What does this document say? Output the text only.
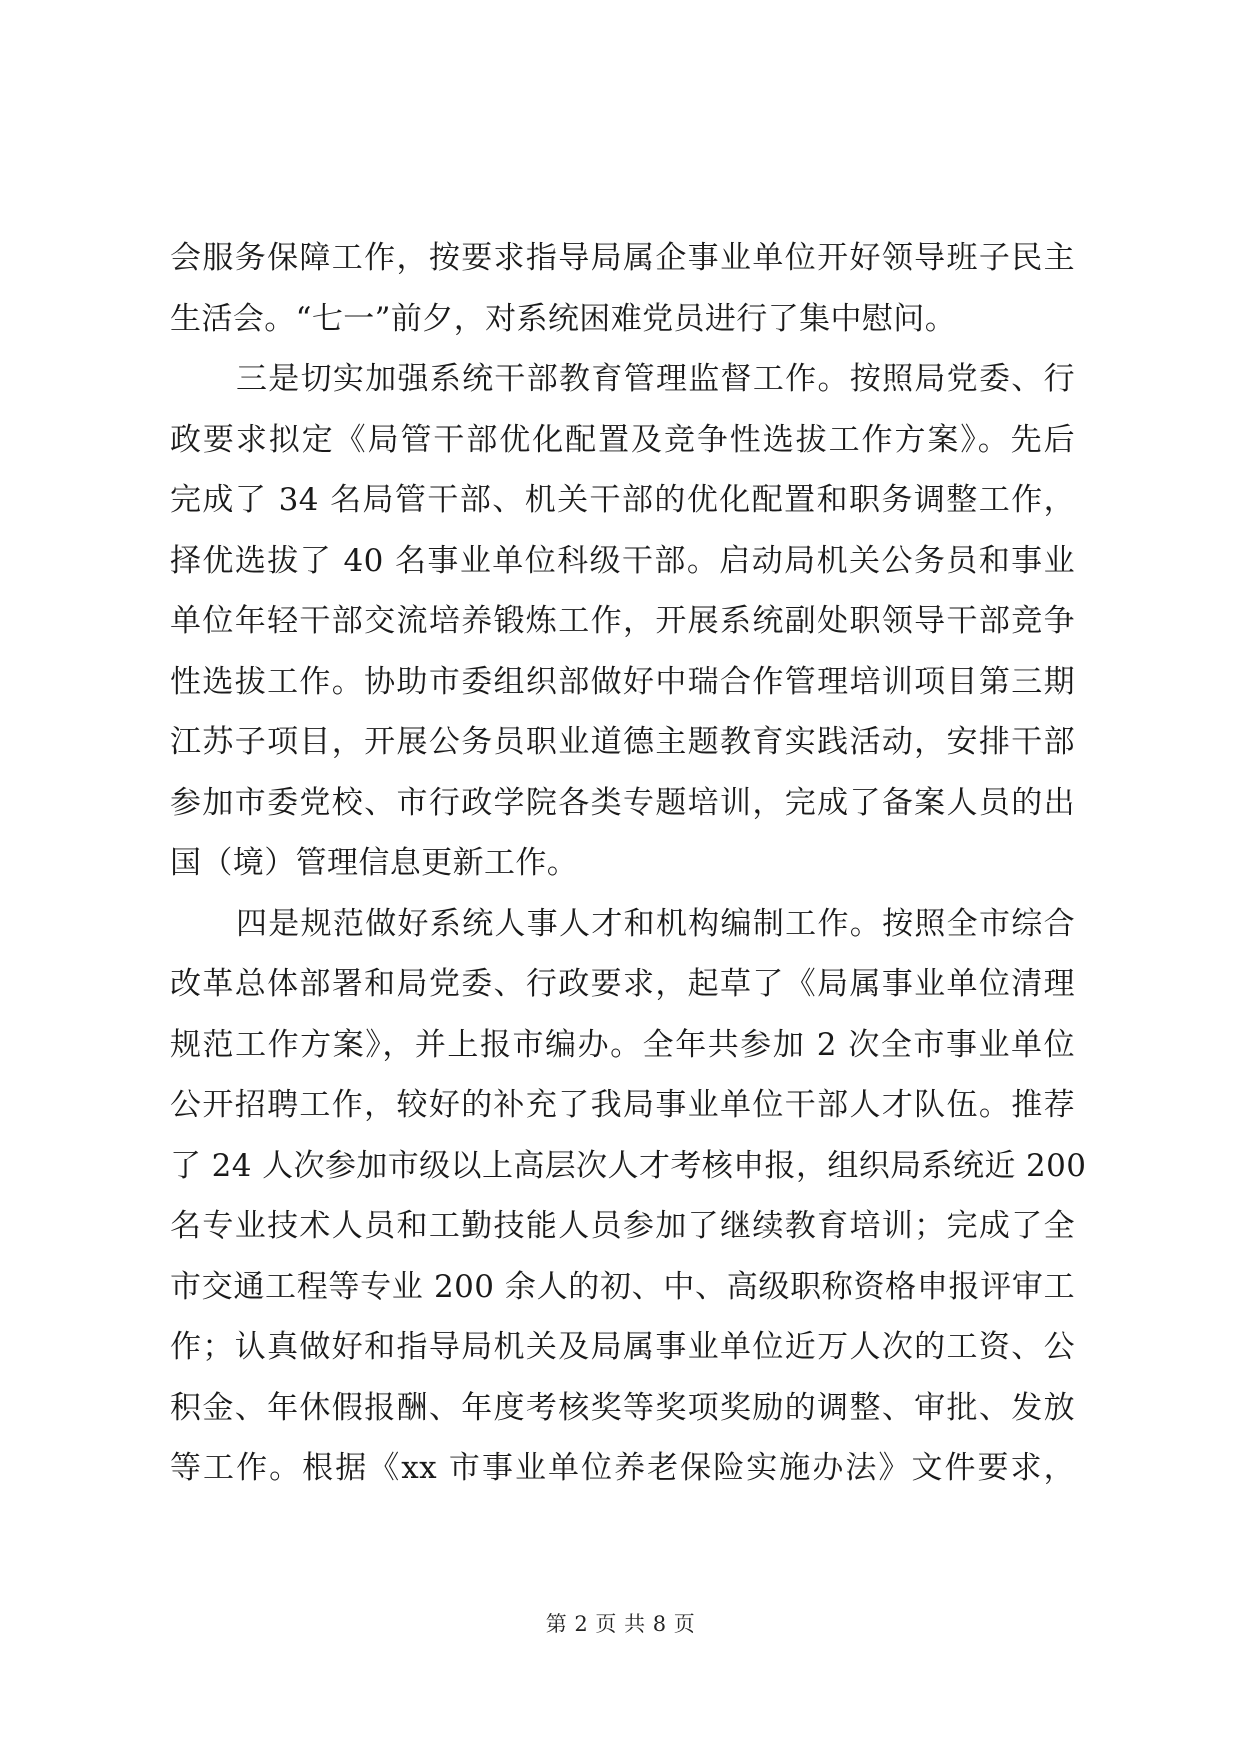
会服务保障工作，按要求指导局属企事业单位开好领导班子民主
生活会。“七一”前夕，对系统困难党员进行了集中慰问。
三是切实加强系统干部教育管理监督工作。按照局党委、行
政要求拟定《局管干部优化配置及竞争性选拔工作方案》。先后
完成了 34 名局管干部、机关干部的优化配置和职务调整工作，
择优选拔了 40 名事业单位科级干部。启动局机关公务员和事业
单位年轻干部交流培养锻炼工作，开展系统副处职领导干部竞争
性选拔工作。协助市委组织部做好中瑞合作管理培训项目第三期
江苏子项目，开展公务员职业道德主题教育实践活动，安排干部
参加市委党校、市行政学院各类专题培训，完成了备案人员的出
国（境）管理信息更新工作。
四是规范做好系统人事人才和机构编制工作。按照全市综合
改革总体部署和局党委、行政要求，起草了《局属事业单位清理
规范工作方案》，并上报市编办。全年共参加 2 次全市事业单位
公开招聘工作，较好的补充了我局事业单位干部人才队伍。推荐
了 24 人次参加市级以上高层次人才考核申报，组织局系统近 200
名专业技术人员和工勤技能人员参加了继续教育培训；完成了全
市交通工程等专业 200 余人的初、中、高级职称资格申报评审工
作；认真做好和指导局机关及局属事业单位近万人次的工资、公
积金、年休假报酬、年度考核奖等奖项奖励的调整、审批、发放
等工作。根据《xx 市事业单位养老保险实施办法》文件要求，
第 2 页 共 8 页
